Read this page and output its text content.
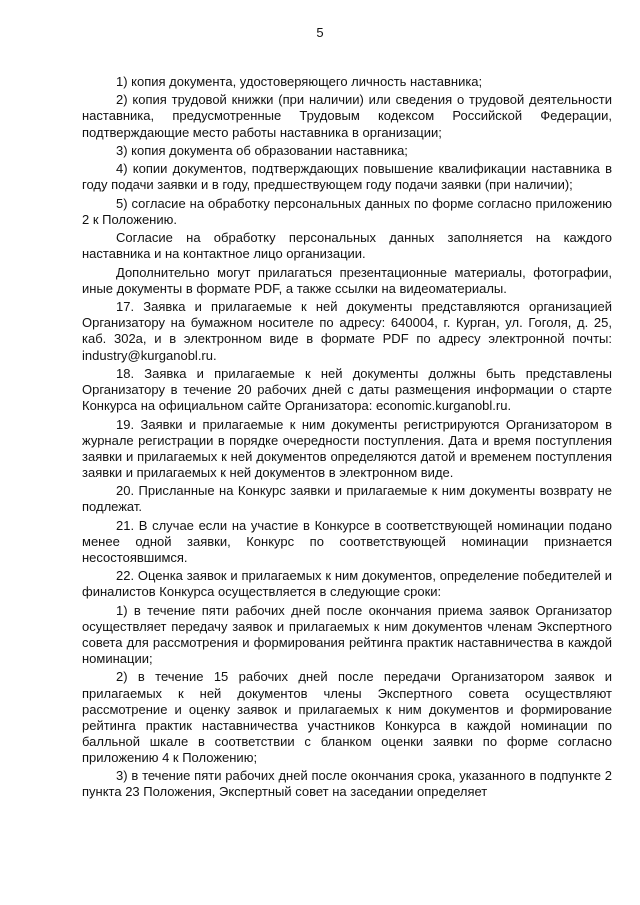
5

1) копия документа, удостоверяющего личность наставника;

2) копия трудовой книжки (при наличии) или сведения о трудовой деятельности наставника, предусмотренные Трудовым кодексом Российской Федерации, подтверждающие место работы наставника в организации;

3) копия документа об образовании наставника;

4) копии документов, подтверждающих повышение квалификации наставника в году подачи заявки и в году, предшествующем году подачи заявки (при наличии);

5) согласие на обработку персональных данных по форме согласно приложению 2 к Положению.

Согласие на обработку персональных данных заполняется на каждого наставника и на контактное лицо организации.

Дополнительно могут прилагаться презентационные материалы, фотографии, иные документы в формате PDF, а также ссылки на видеоматериалы.

17. Заявка и прилагаемые к ней документы представляются организацией Организатору на бумажном носителе по адресу: 640004, г. Курган, ул. Гоголя, д. 25, каб. 302а, и в электронном виде в формате PDF по адресу электронной почты: industry@kurganobl.ru.

18. Заявка и прилагаемые к ней документы должны быть представлены Организатору в течение 20 рабочих дней с даты размещения информации о старте Конкурса на официальном сайте Организатора: economic.kurganobl.ru.

19. Заявки и прилагаемые к ним документы регистрируются Организатором в журнале регистрации в порядке очередности поступления. Дата и время поступления заявки и прилагаемых к ней документов определяются датой и временем поступления заявки и прилагаемых к ней документов в электронном виде.

20. Присланные на Конкурс заявки и прилагаемые к ним документы возврату не подлежат.

21. В случае если на участие в Конкурсе в соответствующей номинации подано менее одной заявки, Конкурс по соответствующей номинации признается несостоявшимся.

22. Оценка заявок и прилагаемых к ним документов, определение победителей и финалистов Конкурса осуществляется в следующие сроки:

1) в течение пяти рабочих дней после окончания приема заявок Организатор осуществляет передачу заявок и прилагаемых к ним документов членам Экспертного совета для рассмотрения и формирования рейтинга практик наставничества в каждой номинации;

2) в течение 15 рабочих дней после передачи Организатором заявок и прилагаемых к ней документов члены Экспертного совета осуществляют рассмотрение и оценку заявок и прилагаемых к ним документов и формирование рейтинга практик наставничества участников Конкурса в каждой номинации по балльной шкале в соответствии с бланком оценки заявки по форме согласно приложению 4 к Положению;

3) в течение пяти рабочих дней после окончания срока, указанного в подпункте 2 пункта 23 Положения, Экспертный совет на заседании определяет
